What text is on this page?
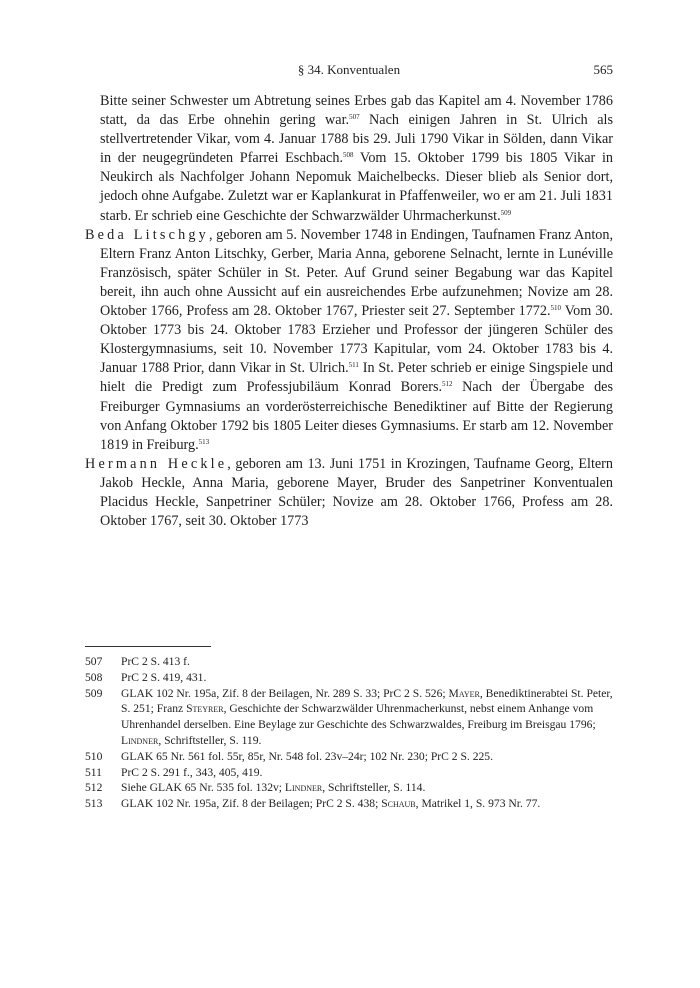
§ 34. Konventualen	565
Bitte seiner Schwester um Abtretung seines Erbes gab das Kapitel am 4. November 1786 statt, da das Erbe ohnehin gering war.$^{507}$ Nach einigen Jahren in St. Ulrich als stellvertretender Vikar, vom 4. Januar 1788 bis 29. Juli 1790 Vikar in Sölden, dann Vikar in der neugegründeten Pfarrei Eschbach.$^{508}$ Vom 15. Oktober 1799 bis 1805 Vikar in Neukirch als Nachfolger Johann Nepomuk Maichelbecks. Dieser blieb als Senior dort, jedoch ohne Aufgabe. Zuletzt war er Kaplankurat in Pfaffenweiler, wo er am 21. Juli 1831 starb. Er schrieb eine Geschichte der Schwarzwälder Uhrmacherkunst.$^{509}$
Beda Litschgy, geboren am 5. November 1748 in Endingen, Taufnamen Franz Anton, Eltern Franz Anton Litschky, Gerber, Maria Anna, geborene Selnacht, lernte in Lunéville Französisch, später Schüler in St. Peter. Auf Grund seiner Begabung war das Kapitel bereit, ihn auch ohne Aussicht auf ein ausreichendes Erbe aufzunehmen; Novize am 28. Oktober 1766, Profess am 28. Oktober 1767, Priester seit 27. September 1772.$^{510}$ Vom 30. Oktober 1773 bis 24. Oktober 1783 Erzieher und Professor der jüngeren Schüler des Klostergymnasiums, seit 10. November 1773 Kapitular, vom 24. Oktober 1783 bis 4. Januar 1788 Prior, dann Vikar in St. Ulrich.$^{511}$ In St. Peter schrieb er einige Singspiele und hielt die Predigt zum Professjubiläum Konrad Borers.$^{512}$ Nach der Übergabe des Freiburger Gymnasiums an vorderösterreichische Benediktiner auf Bitte der Regierung von Anfang Oktober 1792 bis 1805 Leiter dieses Gymnasiums. Er starb am 12. November 1819 in Freiburg.$^{513}$
Hermann Heckle, geboren am 13. Juni 1751 in Krozingen, Taufname Georg, Eltern Jakob Heckle, Anna Maria, geborene Mayer, Bruder des Sanpetriner Konventualen Placidus Heckle, Sanpetriner Schüler; Novize am 28. Oktober 1766, Profess am 28. Oktober 1767, seit 30. Oktober 1773
507 PrC 2 S. 413 f.
508 PrC 2 S. 419, 431.
509 GLAK 102 Nr. 195a, Zif. 8 der Beilagen, Nr. 289 S. 33; PrC 2 S. 526; Mayer, Benediktinerabtei St. Peter, S. 251; Franz Steyrer, Geschichte der Schwarzwälder Uhrenmacherkunst, nebst einem Anhange vom Uhrenhandel derselben. Eine Beylage zur Geschichte des Schwarzwaldes, Freiburg im Breisgau 1796; Lindner, Schriftsteller, S. 119.
510 GLAK 65 Nr. 561 fol. 55r, 85r, Nr. 548 fol. 23v–24r; 102 Nr. 230; PrC 2 S. 225.
511 PrC 2 S. 291 f., 343, 405, 419.
512 Siehe GLAK 65 Nr. 535 fol. 132v; Lindner, Schriftsteller, S. 114.
513 GLAK 102 Nr. 195a, Zif. 8 der Beilagen; PrC 2 S. 438; Schaub, Matrikel 1, S. 973 Nr. 77.
